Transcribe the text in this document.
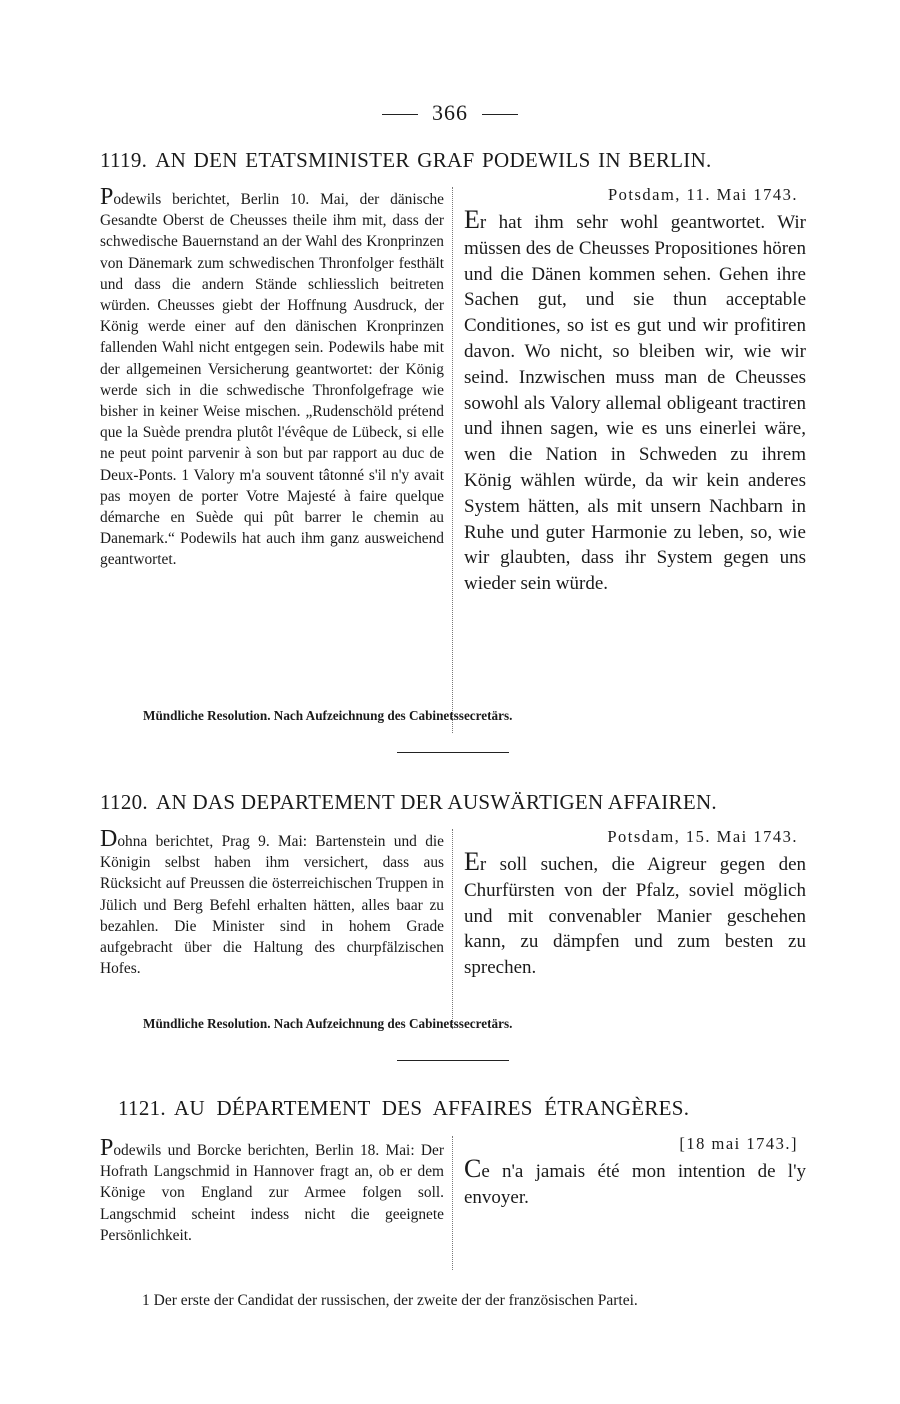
366
1119. AN DEN ETATSMINISTER GRAF PODEWILS IN BERLIN.
Podewils berichtet, Berlin 10. Mai, der dänische Gesandte Oberst de Cheusses theile ihm mit, dass der schwedische Bauernstand an der Wahl des Kronprinzen von Dänemark zum schwedischen Thronfolger festhält und dass die andern Stände schliesslich beitreten würden. Cheusses giebt der Hoffnung Ausdruck, der König werde einer auf den dänischen Kronprinzen fallenden Wahl nicht entgegen sein. Podewils habe mit der allgemeinen Versicherung geantwortet: der König werde sich in die schwedische Thronfolgefrage wie bisher in keiner Weise mischen. „Rudenschöld prétend que la Suède prendra plutôt l'évêque de Lübeck, si elle ne peut point parvenir à son but par rapport au duc de Deux-Ponts. 1 Valory m'a souvent tâtonné s'il n'y avait pas moyen de porter Votre Majesté à faire quelque démarche en Suède qui pût barrer le chemin au Danemark.“ Podewils hat auch ihm ganz ausweichend geantwortet.
Potsdam, 11. Mai 1743.
Er hat ihm sehr wohl geantwortet. Wir müssen des de Cheusses Propositiones hören und die Dänen kommen sehen. Gehen ihre Sachen gut, und sie thun acceptable Conditiones, so ist es gut und wir profitiren davon. Wo nicht, so bleiben wir, wie wir seind. Inzwischen muss man de Cheusses sowohl als Valory allemal obligeant tractiren und ihnen sagen, wie es uns einerlei wäre, wen die Nation in Schweden zu ihrem König wählen würde, da wir kein anderes System hätten, als mit unsern Nachbarn in Ruhe und guter Harmonie zu leben, so, wie wir glaubten, dass ihr System gegen uns wieder sein würde.
Mündliche Resolution. Nach Aufzeichnung des Cabinetssecretärs.
1120. AN DAS DEPARTEMENT DER AUSWÄRTIGEN AFFAIREN.
Dohna berichtet, Prag 9. Mai: Bartenstein und die Königin selbst haben ihm versichert, dass aus Rücksicht auf Preussen die österreichischen Truppen in Jülich und Berg Befehl erhalten hätten, alles baar zu bezahlen. Die Minister sind in hohem Grade aufgebracht über die Haltung des churpfälzischen Hofes.
Potsdam, 15. Mai 1743.
Er soll suchen, die Aigreur gegen den Churfürsten von der Pfalz, soviel möglich und mit convenabler Manier geschehen kann, zu dämpfen und zum besten zu sprechen.
Mündliche Resolution. Nach Aufzeichnung des Cabinetssecretärs.
1121. AU DÉPARTEMENT DES AFFAIRES ÉTRANGÈRES.
Podewils und Borcke berichten, Berlin 18. Mai: Der Hofrath Langschmid in Hannover fragt an, ob er dem Könige von England zur Armee folgen soll. Langschmid scheint indess nicht die geeignete Persönlichkeit.
[18 mai 1743.]
Ce n'a jamais été mon intention de l'y envoyer.
1 Der erste der Candidat der russischen, der zweite der der französischen Partei.
